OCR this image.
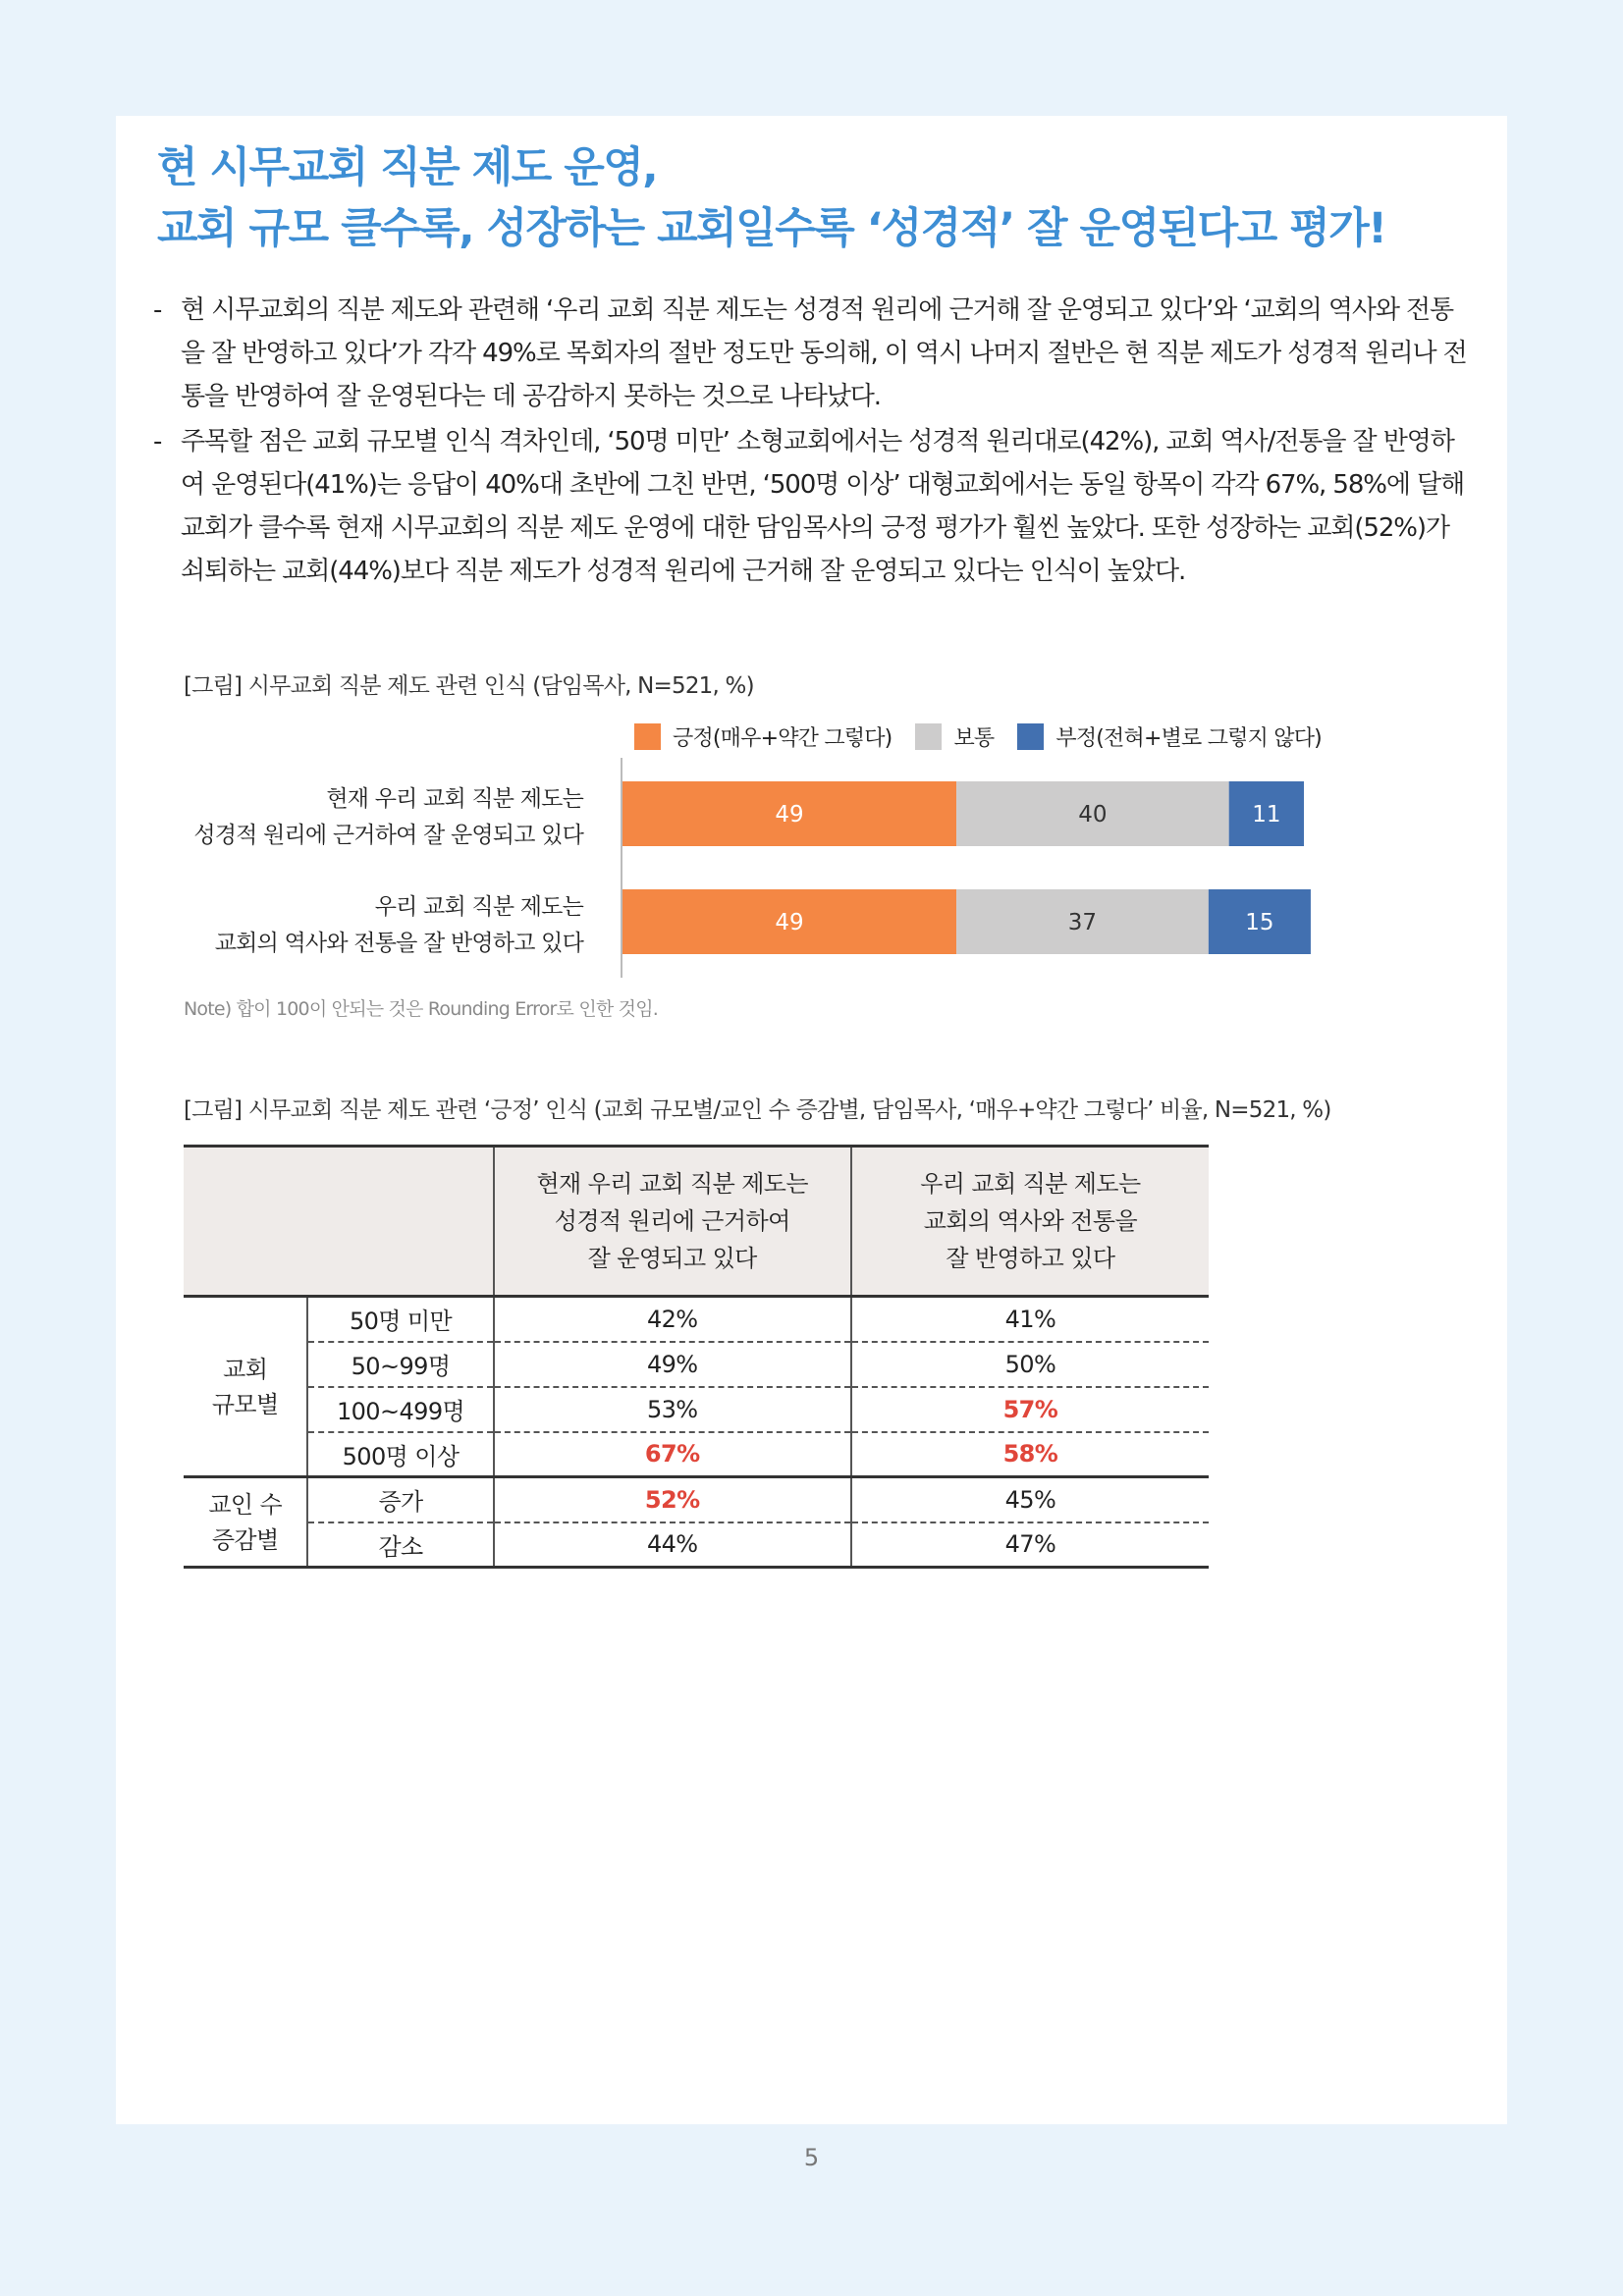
현 시무교회 직분 제도 운영,
교회 규모 클수록, 성장하는 교회일수록 ‘성경적’ 잘 운영된다고 평가!
- 현 시무교회의 직분 제도와 관련해 ‘우리 교회 직분 제도는 성경적 원리에 근거해 잘 운영되고 있다’와 ‘교회의 역사와 전통을 잘 반영하고 있다’가 각각 49%로 목회자의 절반 정도만 동의해, 이 역시 나머지 절반은 현 직분 제도가 성경적 원리나 전통을 반영하여 잘 운영된다는 데 공감하지 못하는 것으로 나타났다.
- 주목할 점은 교회 규모별 인식 격차인데, ‘50명 미만’ 소형교회에서는 성경적 원리대로(42%), 교회 역사/전통을 잘 반영하여 운영된다(41%)는 응답이 40%대 초반에 그친 반면, ‘500명 이상’ 대형교회에서는 동일 항목이 각각 67%, 58%에 달해 교회가 클수록 현재 시무교회의 직분 제도 운영에 대한 담임목사의 긍정 평가가 훨씬 높았다. 또한 성장하는 교회(52%)가 쇠퇴하는 교회(44%)보다 직분 제도가 성경적 원리에 근거해 잘 운영되고 있다는 인식이 높았다.
[그림] 시무교회 직분 제도 관련 인식 (담임목사, N=521, %)
긍정(매우+약간 그렇다)	보통	부정(전혀+별로 그렇지 않다)
49	40	11
현재 우리 교회 직분 제도는
성경적 원리에 근거하여 잘 운영되고 있다
49	37	15
우리 교회 직분 제도는
교회의 역사와 전통을 잘 반영하고 있다
Note) 합이 100이 안되는 것은 Rounding Error로 인한 것임.
[그림] 시무교회 직분 제도 관련 ‘긍정’ 인식 (교회 규모별/교인 수 증감별, 담임목사, ‘매우+약간 그렇다’ 비율, N=521, %)
		현재 우리 교회 직분 제도는
성경적 원리에 근거하여
잘 운영되고 있다	우리 교회 직분 제도는
교회의 역사와 전통을
잘 반영하고 있다
교회
규모별	50명 미만	42%	41%
	50~99명	49%	50%
	100~499명	53%	57%
	500명 이상	67%	58%
교인 수
증감별	증가	52%	45%
	감소	44%	47%
5
